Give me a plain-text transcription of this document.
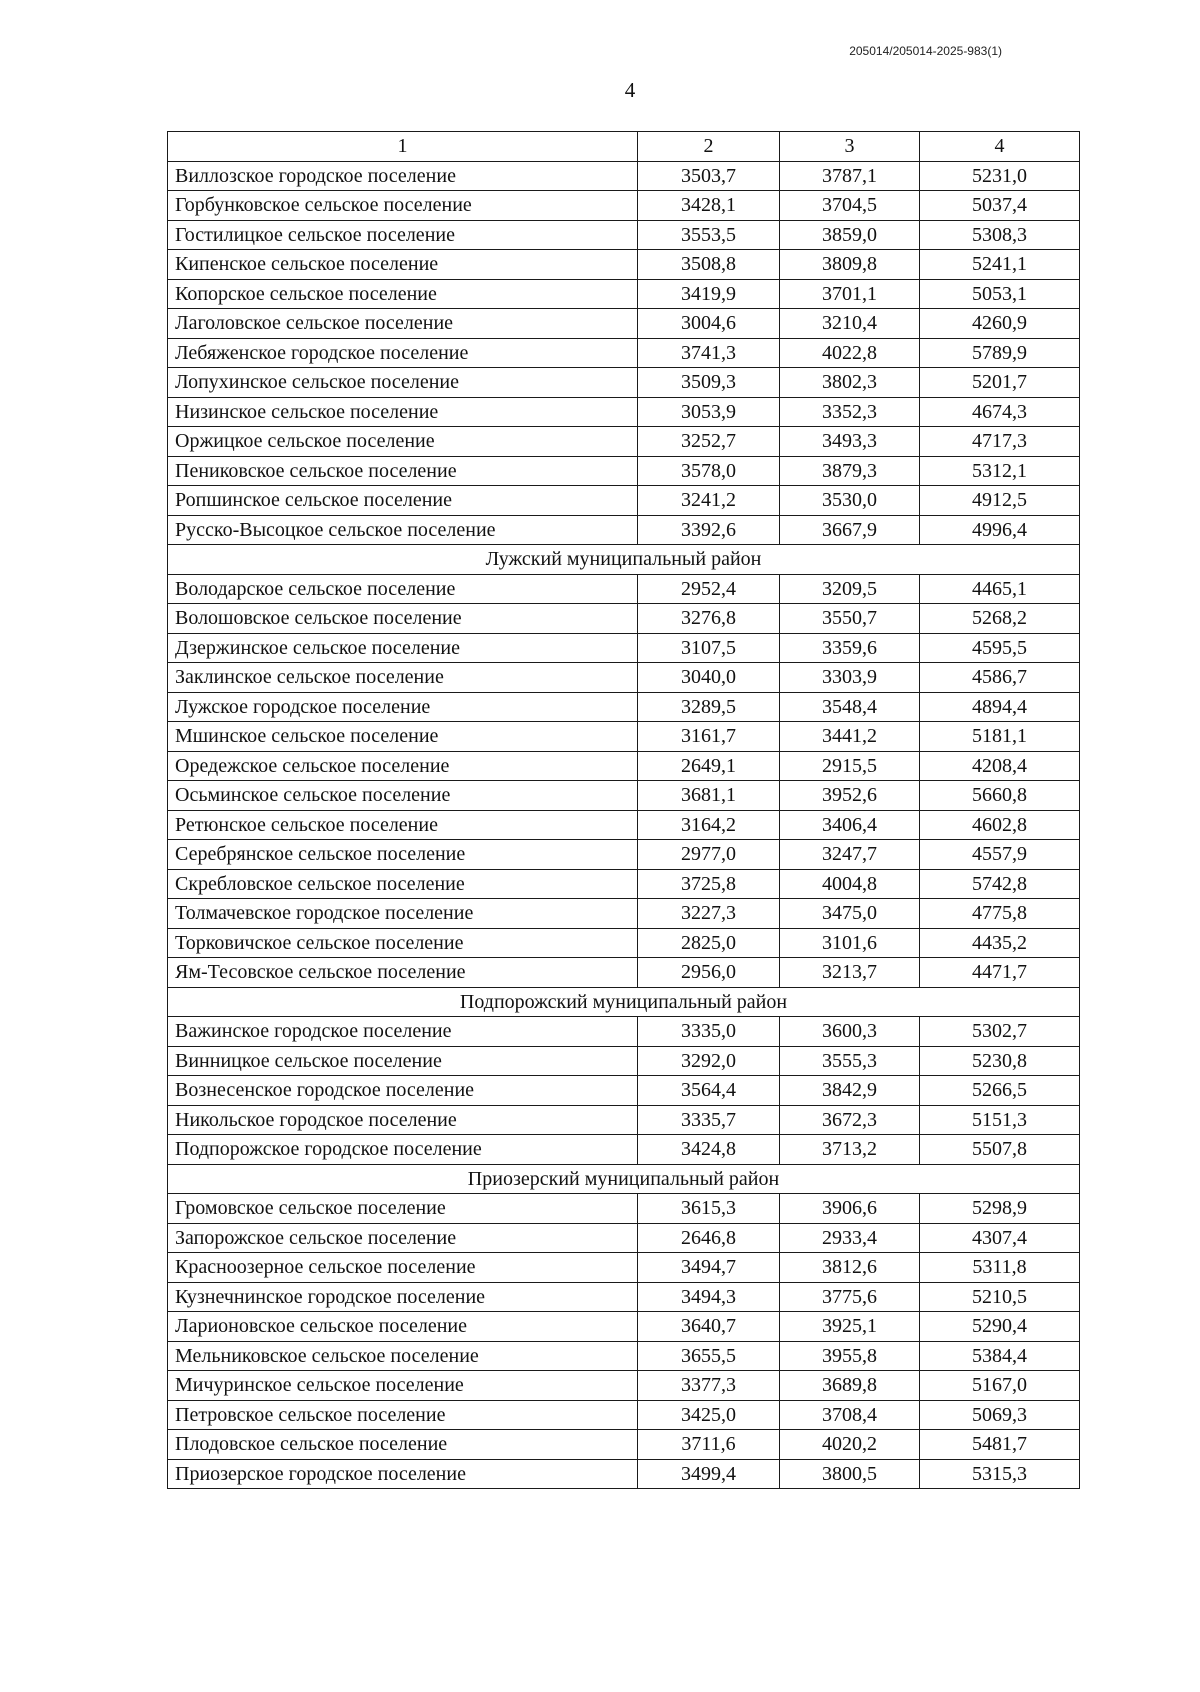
205014/205014-2025-983(1)
4
1	2	3	4
Виллозское городское поселение	3503,7	3787,1	5231,0
Горбунковское сельское поселение	3428,1	3704,5	5037,4
Гостилицкое сельское поселение	3553,5	3859,0	5308,3
Кипенское сельское поселение	3508,8	3809,8	5241,1
Копорское сельское поселение	3419,9	3701,1	5053,1
Лаголовское сельское поселение	3004,6	3210,4	4260,9
Лебяженское городское поселение	3741,3	4022,8	5789,9
Лопухинское сельское поселение	3509,3	3802,3	5201,7
Низинское сельское поселение	3053,9	3352,3	4674,3
Оржицкое сельское поселение	3252,7	3493,3	4717,3
Пениковское сельское поселение	3578,0	3879,3	5312,1
Ропшинское сельское поселение	3241,2	3530,0	4912,5
Русско-Высоцкое сельское поселение	3392,6	3667,9	4996,4
Лужский муниципальный район			
Володарское сельское поселение	2952,4	3209,5	4465,1
Волошовское сельское поселение	3276,8	3550,7	5268,2
Дзержинское сельское поселение	3107,5	3359,6	4595,5
Заклинское сельское поселение	3040,0	3303,9	4586,7
Лужское городское поселение	3289,5	3548,4	4894,4
Мшинское сельское поселение	3161,7	3441,2	5181,1
Оредежское сельское поселение	2649,1	2915,5	4208,4
Осьминское сельское поселение	3681,1	3952,6	5660,8
Ретюнское сельское поселение	3164,2	3406,4	4602,8
Серебрянское сельское поселение	2977,0	3247,7	4557,9
Скребловское сельское поселение	3725,8	4004,8	5742,8
Толмачевское городское поселение	3227,3	3475,0	4775,8
Торковичское сельское поселение	2825,0	3101,6	4435,2
Ям-Тесовское сельское поселение	2956,0	3213,7	4471,7
Подпорожский муниципальный район			
Важинское городское поселение	3335,0	3600,3	5302,7
Винницкое сельское поселение	3292,0	3555,3	5230,8
Вознесенское городское поселение	3564,4	3842,9	5266,5
Никольское городское поселение	3335,7	3672,3	5151,3
Подпорожское городское поселение	3424,8	3713,2	5507,8
Приозерский муниципальный район			
Громовское сельское поселение	3615,3	3906,6	5298,9
Запорожское сельское поселение	2646,8	2933,4	4307,4
Красноозерное сельское поселение	3494,7	3812,6	5311,8
Кузнечнинское городское поселение	3494,3	3775,6	5210,5
Ларионовское сельское поселение	3640,7	3925,1	5290,4
Мельниковское сельское поселение	3655,5	3955,8	5384,4
Мичуринское сельское поселение	3377,3	3689,8	5167,0
Петровское сельское поселение	3425,0	3708,4	5069,3
Плодовское сельское поселение	3711,6	4020,2	5481,7
Приозерское городское поселение	3499,4	3800,5	5315,3
